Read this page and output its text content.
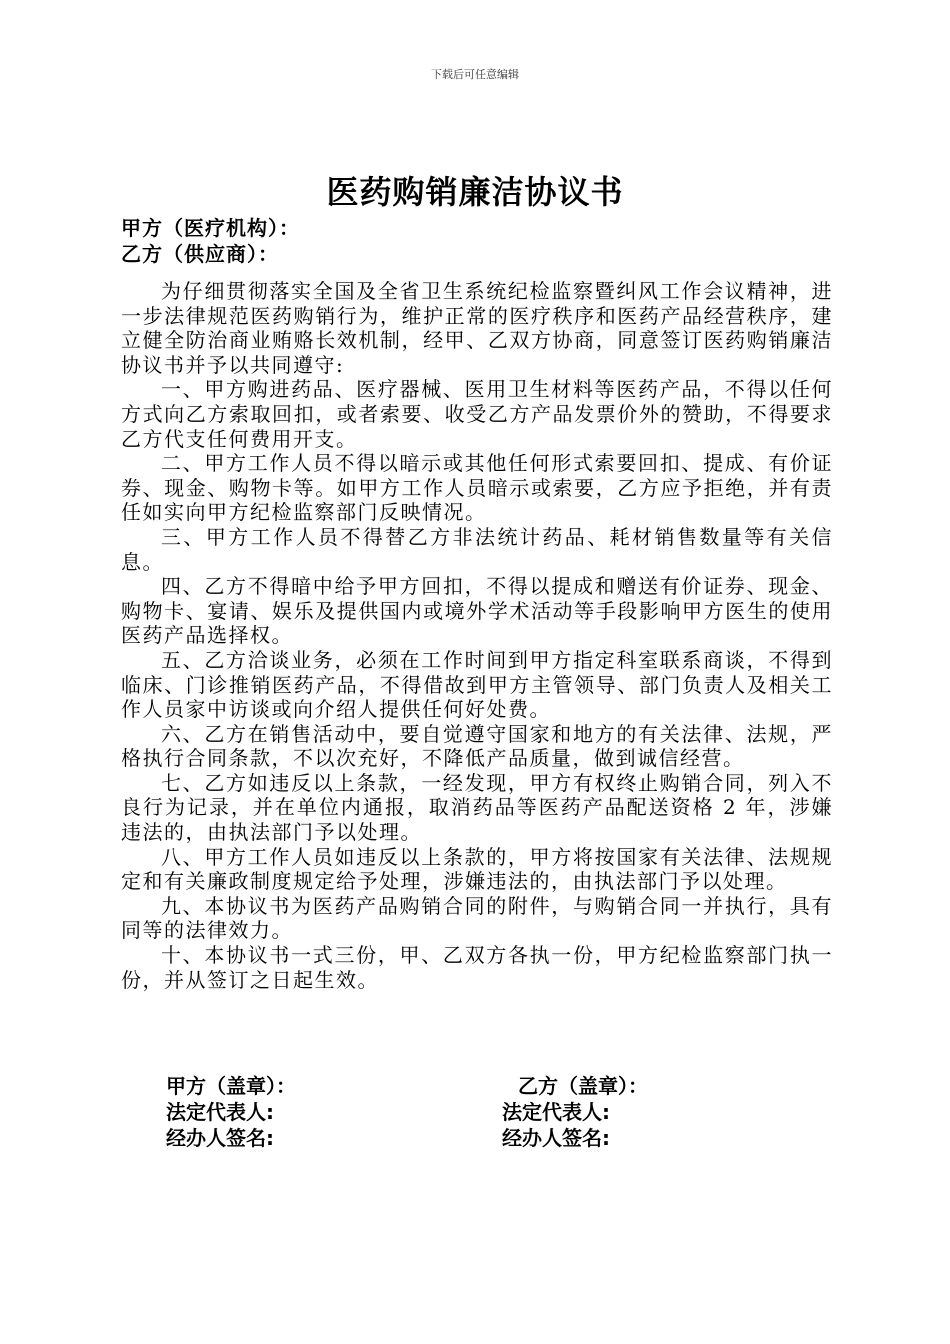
下载后可任意编辑
医药购销廉洁协议书
甲方（医疗机构）：
乙方（供应商）：

为仔细贯彻落实全国及全省卫生系统纪检监察暨纠风工作会议精神，进一步法律规范医药购销行为，维护正常的医疗秩序和医药产品经营秩序，建立健全防治商业贿赂长效机制，经甲、乙双方协商，同意签订医药购销廉洁协议书并予以共同遵守:

一、甲方购进药品、医疗器械、医用卫生材料等医药产品，不得以任何方式向乙方索取回扣，或者索要、收受乙方产品发票价外的赞助，不得要求乙方代支任何费用开支。

二、甲方工作人员不得以暗示或其他任何形式索要回扣、提成、有价证券、现金、购物卡等。如甲方工作人员暗示或索要，乙方应予拒绝，并有责任如实向甲方纪检监察部门反映情况。

三、甲方工作人员不得替乙方非法统计药品、耗材销售数量等有关信息。

四、乙方不得暗中给予甲方回扣，不得以提成和赠送有价证券、现金、购物卡、宴请、娱乐及提供国内或境外学术活动等手段影响甲方医生的使用医药产品选择权。

五、乙方洽谈业务，必须在工作时间到甲方指定科室联系商谈，不得到临床、门诊推销医药产品，不得借故到甲方主管领导、部门负责人及相关工作人员家中访谈或向介绍人提供任何好处费。

六、乙方在销售活动中，要自觉遵守国家和地方的有关法律、法规，严格执行合同条款，不以次充好，不降低产品质量，做到诚信经营。

七、乙方如违反以上条款，一经发现，甲方有权终止购销合同，列入不良行为记录，并在单位内通报，取消药品等医药产品配送资格 2 年，涉嫌违法的，由执法部门予以处理。

八、甲方工作人员如违反以上条款的，甲方将按国家有关法律、法规规定和有关廉政制度规定给予处理，涉嫌违法的，由执法部门予以处理。

九、本协议书为医药产品购销合同的附件，与购销合同一并执行，具有同等的法律效力。

十、本协议书一式三份，甲、乙双方各执一份，甲方纪检监察部门执一份，并从签订之日起生效。

甲方（盖章）：
法定代表人:
经办人签名:
乙方（盖章）：
法定代表人:
经办人签名:
